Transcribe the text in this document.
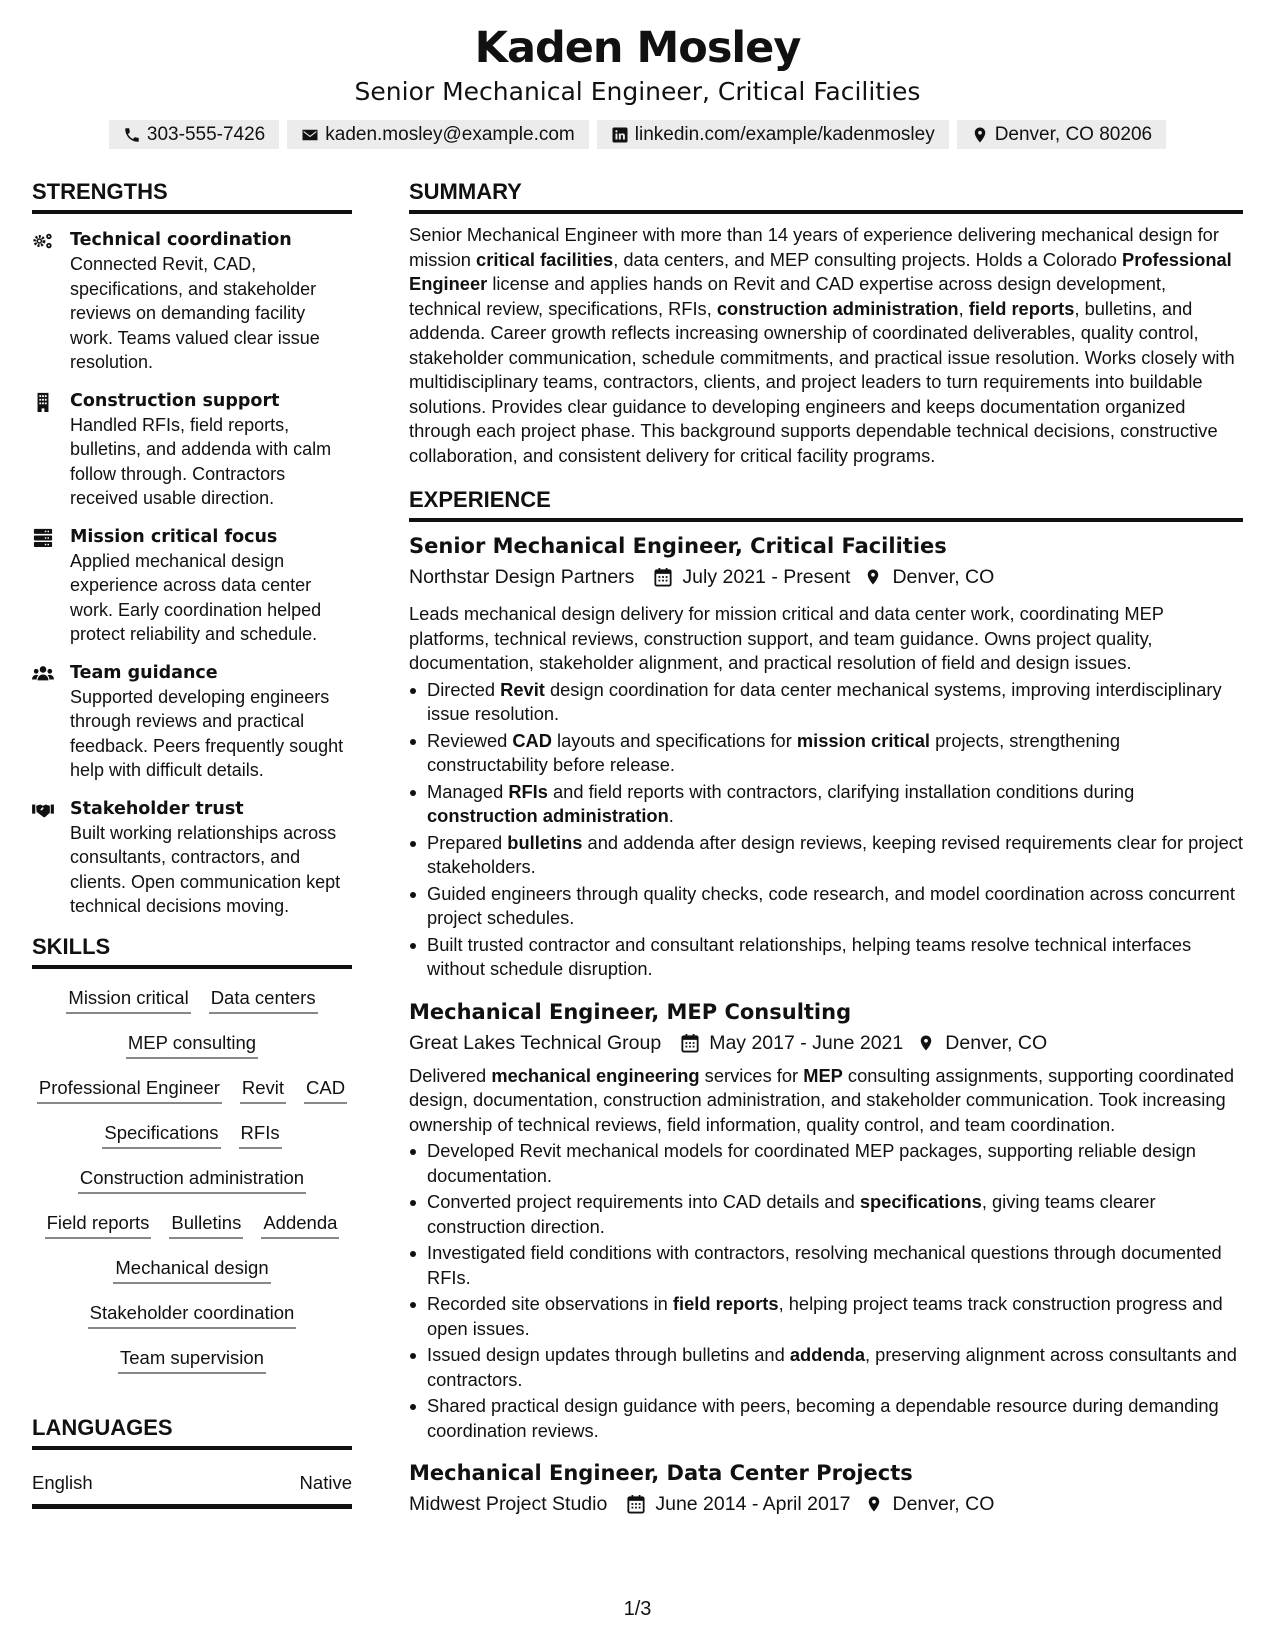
Kaden Mosley
Senior Mechanical Engineer, Critical Facilities
303-555-7426	kaden.mosley@example.com	linkedin.com/example/kadenmosley	Denver, CO 80206
STRENGTHS
Technical coordination
Connected Revit, CAD, specifications, and stakeholder reviews on demanding facility work. Teams valued clear issue resolution.
Construction support
Handled RFIs, field reports, bulletins, and addenda with calm follow through. Contractors received usable direction.
Mission critical focus
Applied mechanical design experience across data center work. Early coordination helped protect reliability and schedule.
Team guidance
Supported developing engineers through reviews and practical feedback. Peers frequently sought help with difficult details.
Stakeholder trust
Built working relationships across consultants, contractors, and clients. Open communication kept technical decisions moving.
SKILLS
Mission critical Data centers
MEP consulting
Professional Engineer Revit CAD
Specifications RFIs
Construction administration
Field reports Bulletins Addenda
Mechanical design
Stakeholder coordination
Team supervision
LANGUAGES
English	Native
SUMMARY
Senior Mechanical Engineer with more than 14 years of experience delivering mechanical design for mission critical facilities, data centers, and MEP consulting projects. Holds a Colorado Professional Engineer license and applies hands on Revit and CAD expertise across design development, technical review, specifications, RFIs, construction administration, field reports, bulletins, and addenda. Career growth reflects increasing ownership of coordinated deliverables, quality control, stakeholder communication, schedule commitments, and practical issue resolution. Works closely with multidisciplinary teams, contractors, clients, and project leaders to turn requirements into buildable solutions. Provides clear guidance to developing engineers and keeps documentation organized through each project phase. This background supports dependable technical decisions, constructive collaboration, and consistent delivery for critical facility programs.
EXPERIENCE
Senior Mechanical Engineer, Critical Facilities
Northstar Design Partners July 2021 - Present Denver, CO
Leads mechanical design delivery for mission critical and data center work, coordinating MEP platforms, technical reviews, construction support, and team guidance. Owns project quality, documentation, stakeholder alignment, and practical resolution of field and design issues.
Directed Revit design coordination for data center mechanical systems, improving interdisciplinary issue resolution.
Reviewed CAD layouts and specifications for mission critical projects, strengthening constructability before release.
Managed RFIs and field reports with contractors, clarifying installation conditions during construction administration.
Prepared bulletins and addenda after design reviews, keeping revised requirements clear for project stakeholders.
Guided engineers through quality checks, code research, and model coordination across concurrent project schedules.
Built trusted contractor and consultant relationships, helping teams resolve technical interfaces without schedule disruption.
Mechanical Engineer, MEP Consulting
Great Lakes Technical Group May 2017 - June 2021 Denver, CO
Delivered mechanical engineering services for MEP consulting assignments, supporting coordinated design, documentation, construction administration, and stakeholder communication. Took increasing ownership of technical reviews, field information, quality control, and team coordination.
Developed Revit mechanical models for coordinated MEP packages, supporting reliable design documentation.
Converted project requirements into CAD details and specifications, giving teams clearer construction direction.
Investigated field conditions with contractors, resolving mechanical questions through documented RFIs.
Recorded site observations in field reports, helping project teams track construction progress and open issues.
Issued design updates through bulletins and addenda, preserving alignment across consultants and contractors.
Shared practical design guidance with peers, becoming a dependable resource during demanding coordination reviews.
Mechanical Engineer, Data Center Projects
Midwest Project Studio June 2014 - April 2017 Denver, CO
1/3
